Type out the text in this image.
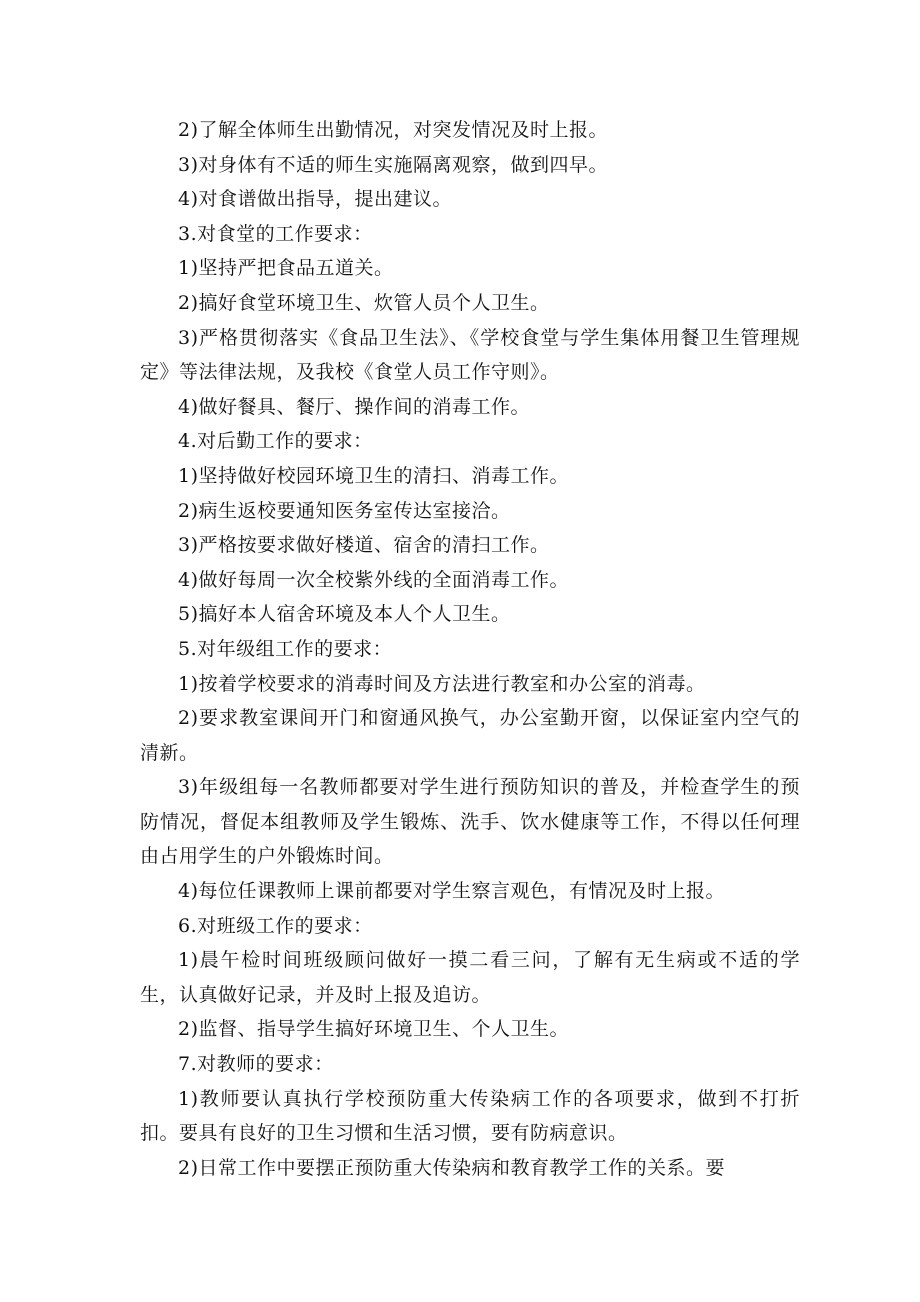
2)了解全体师生出勤情况，对突发情况及时上报。

3)对身体有不适的师生实施隔离观察，做到四早。

4)对食谱做出指导，提出建议。

3.对食堂的工作要求：

1)坚持严把食品五道关。

2)搞好食堂环境卫生、炊管人员个人卫生。

3)严格贯彻落实《食品卫生法》、《学校食堂与学生集体用餐卫生管理规定》等法律法规，及我校《食堂人员工作守则》。

4)做好餐具、餐厅、操作间的消毒工作。

4.对后勤工作的要求：

1)坚持做好校园环境卫生的清扫、消毒工作。

2)病生返校要通知医务室传达室接洽。

3)严格按要求做好楼道、宿舍的清扫工作。

4)做好每周一次全校紫外线的全面消毒工作。

5)搞好本人宿舍环境及本人个人卫生。

5.对年级组工作的要求：

1)按着学校要求的消毒时间及方法进行教室和办公室的消毒。

2)要求教室课间开门和窗通风换气，办公室勤开窗，以保证室内空气的清新。

3)年级组每一名教师都要对学生进行预防知识的普及，并检查学生的预防情况，督促本组教师及学生锻炼、洗手、饮水健康等工作，不得以任何理由占用学生的户外锻炼时间。

4)每位任课教师上课前都要对学生察言观色，有情况及时上报。

6.对班级工作的要求：

1)晨午检时间班级顾问做好一摸二看三问，了解有无生病或不适的学生，认真做好记录，并及时上报及追访。

2)监督、指导学生搞好环境卫生、个人卫生。

7.对教师的要求：

1)教师要认真执行学校预防重大传染病工作的各项要求，做到不打折扣。要具有良好的卫生习惯和生活习惯，要有防病意识。

2)日常工作中要摆正预防重大传染病和教育教学工作的关系。要
